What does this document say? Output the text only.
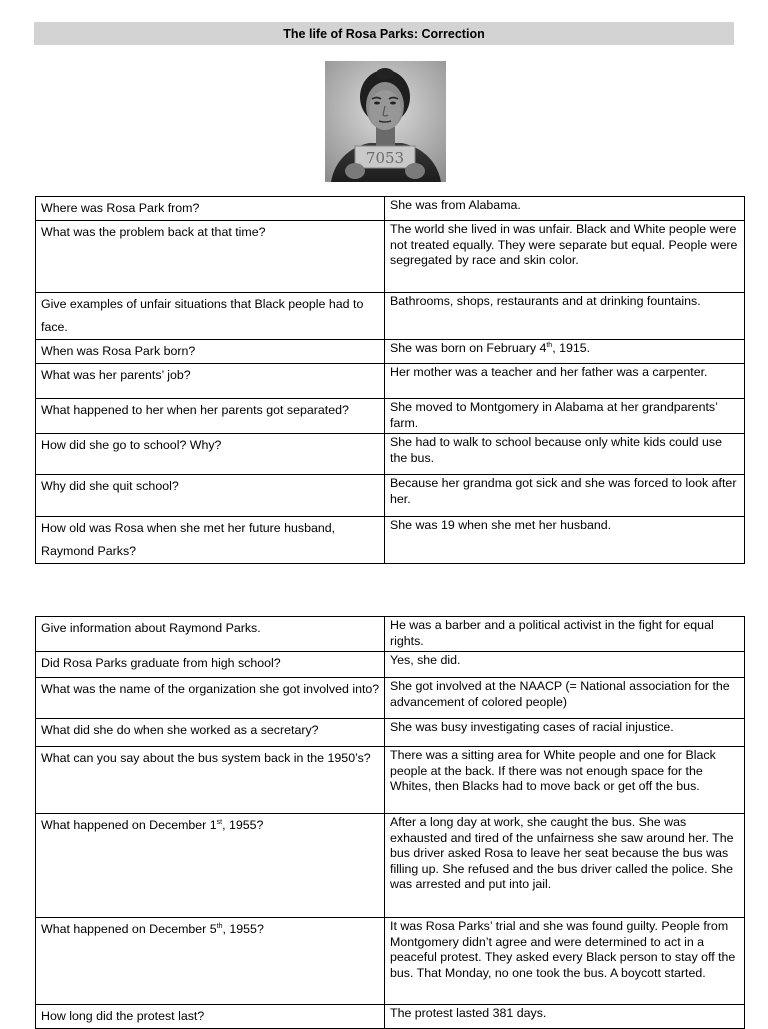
The life of Rosa Parks: Correction
7053
Where was Rosa Park from?	She was from Alabama.
What was the problem back at that time?	The world she lived in was unfair. Black and White people were not treated equally. They were separate but equal. People were segregated by race and skin color.
Give examples of unfair situations that Black people had to face.	Bathrooms, shops, restaurants and at drinking fountains.
When was Rosa Park born?	She was born on February 4th, 1915.
What was her parents’ job?	Her mother was a teacher and her father was a carpenter.
What happened to her when her parents got separated?	She moved to Montgomery in Alabama at her grandparents’ farm.
How did she go to school? Why?	She had to walk to school because only white kids could use the bus.
Why did she quit school?	Because her grandma got sick and she was forced to look after her.
How old was Rosa when she met her future husband, Raymond Parks?	She was 19 when she met her husband.
Give information about Raymond Parks.	He was a barber and a political activist in the fight for equal rights.
Did Rosa Parks graduate from high school?	Yes, she did.
What was the name of the organization she got involved into?	She got involved at the NAACP (= National association for the advancement of colored people)
What did she do when she worked as a secretary?	She was busy investigating cases of racial injustice.
What can you say about the bus system back in the 1950’s?	There was a sitting area for White people and one for Black people at the back. If there was not enough space for the Whites, then Blacks had to move back or get off the bus.
What happened on December 1st, 1955?	After a long day at work, she caught the bus. She was exhausted and tired of the unfairness she saw around her. The bus driver asked Rosa to leave her seat because the bus was filling up. She refused and the bus driver called the police. She was arrested and put into jail.
What happened on December 5th, 1955?	It was Rosa Parks’ trial and she was found guilty. People from Montgomery didn’t agree and were determined to act in a peaceful protest. They asked every Black person to stay off the bus. That Monday, no one took the bus. A boycott started.
How long did the protest last?	The protest lasted 381 days.
